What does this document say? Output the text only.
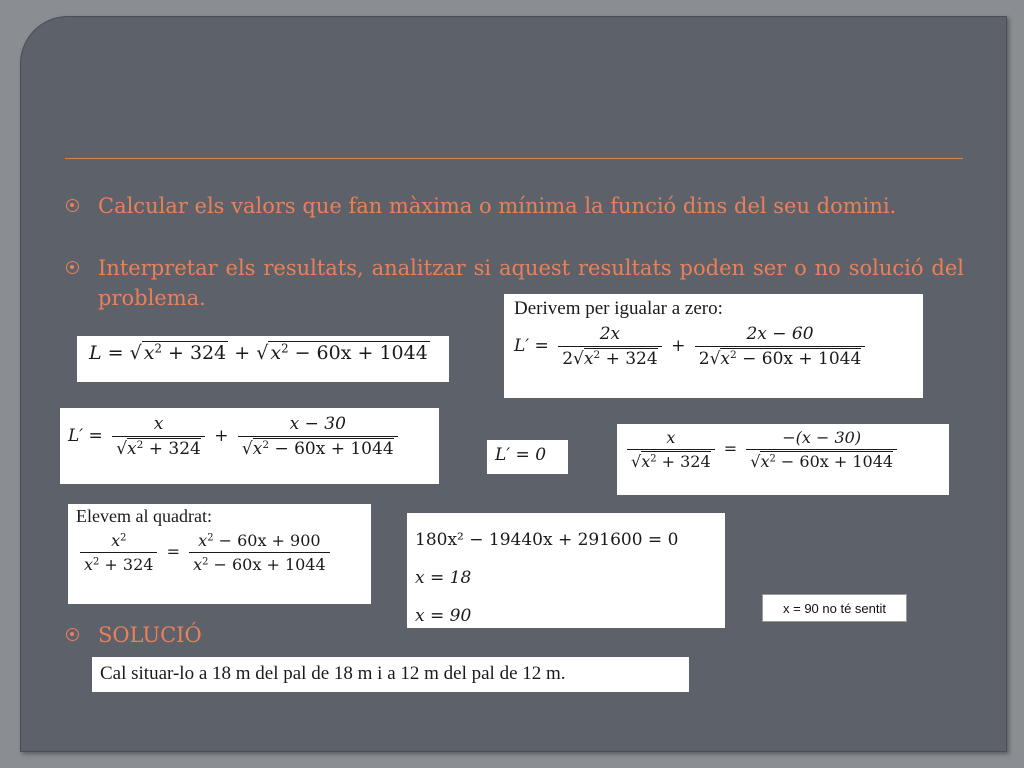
Calcular els valors que fan màxima o mínima la funció dins del seu domini.
Interpretar els resultats, analitzar si aquest resultats poden ser o no solució del problema.
SOLUCIÓ
L = √ $x^2 + 324$ + √ $x^2 - 60x + 1044$
Derivem per igualar a zero:
$L' = \frac{2x}{2√x^2 + 324} + \frac{2x - 60}{2√x^2 - 60x + 1044}$
$L' = \frac{x}{√x^2 + 324} + \frac{x - 30}{√x^2 - 60x + 1044}$	L′ = 0	$\frac{x}{√x^2 + 324} = \frac{-(x - 30)}{√x^2 - 60x + 1044}$
Elevem al quadrat:
$\frac{x^2}{x^2 + 324} = \frac{x^2 - 60x + 900}{x^2 - 60x + 1044}$	180x² − 19440x + 291600 = 0
x = 18
x = 90	x = 90 no té sentit
Cal situar-lo a 18 m del pal de 18 m i a 12 m del pal de 12 m.
